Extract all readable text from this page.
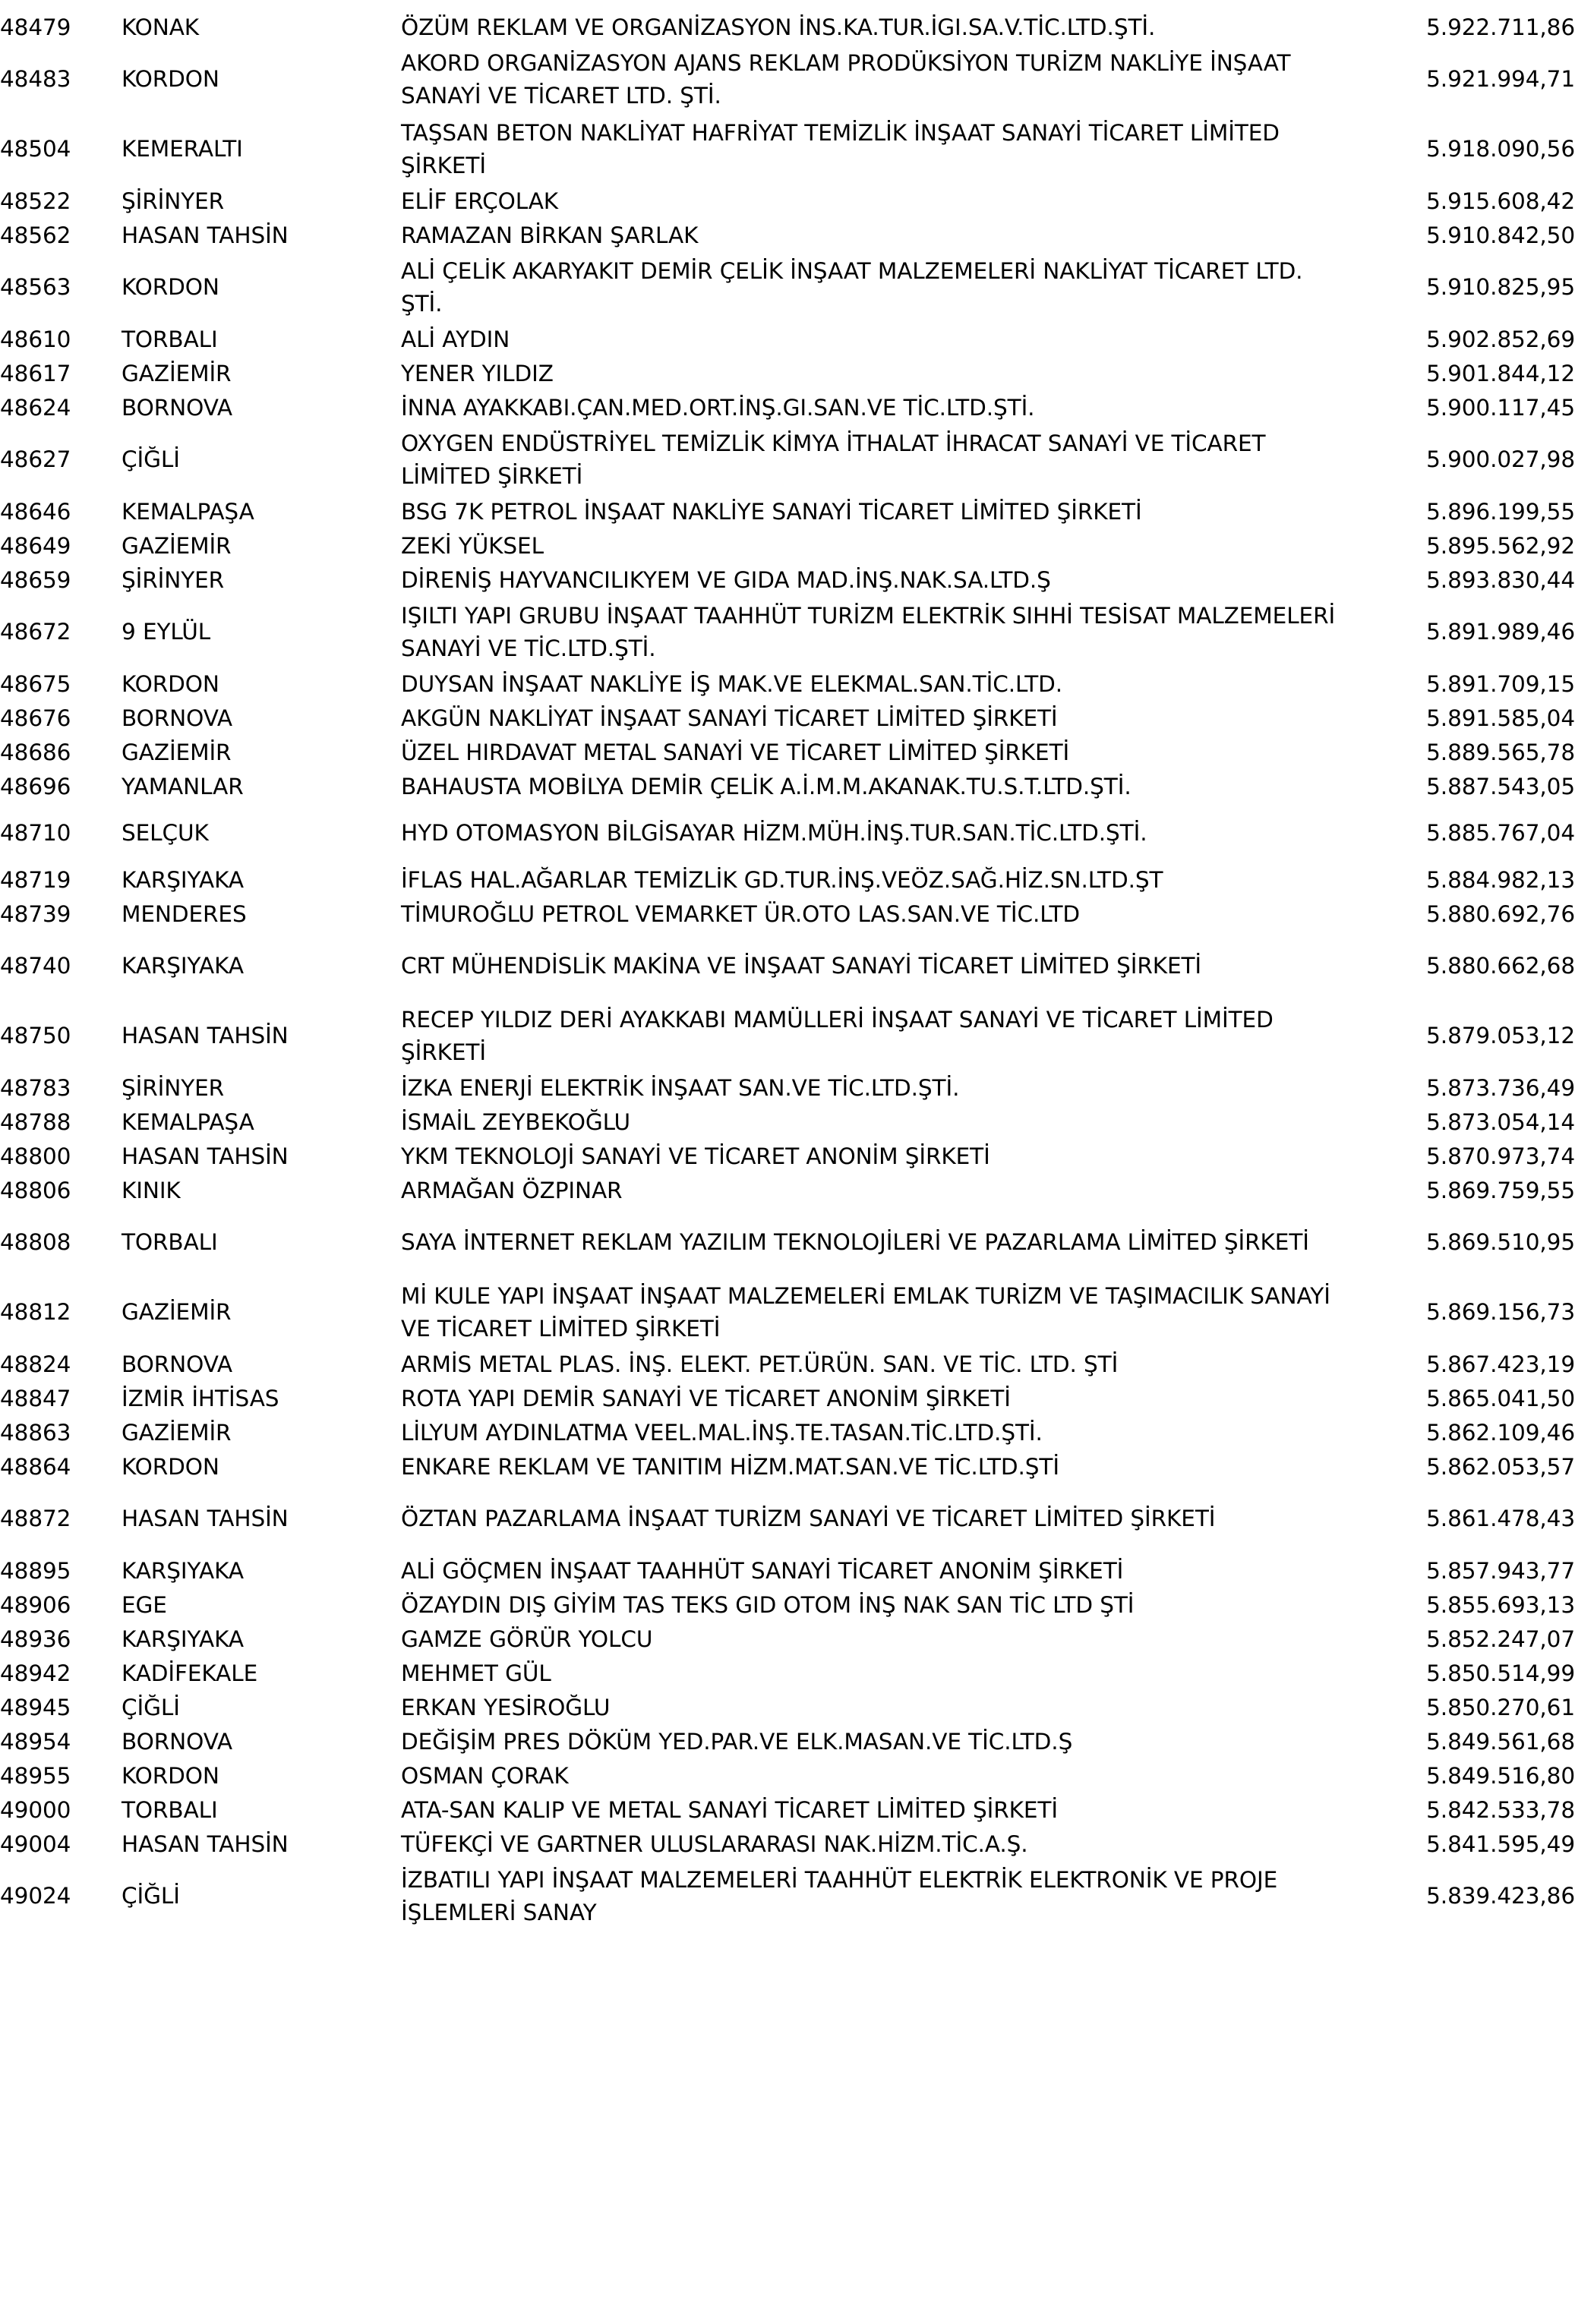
48479	KONAK	ÖZÜM REKLAM VE ORGANİZASYON İNS.KA.TUR.İGI.SA.V.TİC.LTD.ŞTİ.	5.922.711,86
48483	KORDON	AKORD ORGANİZASYON AJANS REKLAM PRODÜKSİYON TURİZM NAKLİYE İNŞAAT SANAYİ VE TİCARET LTD. ŞTİ.	5.921.994,71
48504	KEMERALTI	TAŞSAN BETON NAKLİYAT HAFRİYAT TEMİZLİK İNŞAAT SANAYİ TİCARET LİMİTED ŞİRKETİ	5.918.090,56
48522	ŞİRİNYER	ELİF ERÇOLAK	5.915.608,42
48562	HASAN TAHSİN	RAMAZAN BİRKAN ŞARLAK	5.910.842,50
48563	KORDON	ALİ ÇELİK AKARYAKIT DEMİR ÇELİK İNŞAAT MALZEMELERİ NAKLİYAT TİCARET LTD. ŞTİ.	5.910.825,95
48610	TORBALI	ALİ AYDIN	5.902.852,69
48617	GAZİEMİR	YENER YILDIZ	5.901.844,12
48624	BORNOVA	İNNA AYAKKABI.ÇAN.MED.ORT.İNŞ.GI.SAN.VE TİC.LTD.ŞTİ.	5.900.117,45
48627	ÇİĞLİ	OXYGEN ENDÜSTRİYEL TEMİZLİK KİMYA İTHALAT İHRACAT SANAYİ VE TİCARET LİMİTED ŞİRKETİ	5.900.027,98
48646	KEMALPAŞA	BSG 7K PETROL İNŞAAT NAKLİYE SANAYİ TİCARET LİMİTED ŞİRKETİ	5.896.199,55
48649	GAZİEMİR	ZEKİ YÜKSEL	5.895.562,92
48659	ŞİRİNYER	DİRENİŞ HAYVANCILIKYEM VE GIDA MAD.İNŞ.NAK.SA.LTD.Ş	5.893.830,44
48672	9 EYLÜL	IŞILTI YAPI GRUBU İNŞAAT TAAHHÜT TURİZM ELEKTRİK SIHHİ TESİSAT MALZEMELERİ SANAYİ VE TİC.LTD.ŞTİ.	5.891.989,46
48675	KORDON	DUYSAN İNŞAAT NAKLİYE İŞ MAK.VE ELEKMAL.SAN.TİC.LTD.	5.891.709,15
48676	BORNOVA	AKGÜN NAKLİYAT İNŞAAT SANAYİ TİCARET LİMİTED ŞİRKETİ	5.891.585,04
48686	GAZİEMİR	ÜZEL HIRDAVAT METAL SANAYİ VE TİCARET LİMİTED ŞİRKETİ	5.889.565,78
48696	YAMANLAR	BAHAUSTA MOBİLYA DEMİR ÇELİK A.İ.M.M.AKANAK.TU.S.T.LTD.ŞTİ.	5.887.543,05
48710	SELÇUK	HYD OTOMASYON BİLGİSAYAR HİZM.MÜH.İNŞ.TUR.SAN.TİC.LTD.ŞTİ.	5.885.767,04
48719	KARŞIYAKA	İFLAS HAL.AĞARLAR TEMİZLİK GD.TUR.İNŞ.VEÖZ.SAĞ.HİZ.SN.LTD.ŞT	5.884.982,13
48739	MENDERES	TİMUROĞLU PETROL VEMARKET ÜR.OTO LAS.SAN.VE TİC.LTD	5.880.692,76
48740	KARŞIYAKA	CRT MÜHENDİSLİK MAKİNA VE İNŞAAT SANAYİ TİCARET LİMİTED ŞİRKETİ	5.880.662,68
48750	HASAN TAHSİN	RECEP YILDIZ DERİ AYAKKABI MAMÜLLERİ İNŞAAT SANAYİ VE TİCARET LİMİTED ŞİRKETİ	5.879.053,12
48783	ŞİRİNYER	İZKA ENERJİ ELEKTRİK İNŞAAT SAN.VE TİC.LTD.ŞTİ.	5.873.736,49
48788	KEMALPAŞA	İSMAİL ZEYBEKOĞLU	5.873.054,14
48800	HASAN TAHSİN	YKM TEKNOLOJİ SANAYİ VE TİCARET ANONİM ŞİRKETİ	5.870.973,74
48806	KINIK	ARMAĞAN ÖZPINAR	5.869.759,55
48808	TORBALI	SAYA İNTERNET REKLAM YAZILIM TEKNOLOJİLERİ VE PAZARLAMA LİMİTED ŞİRKETİ	5.869.510,95
48812	GAZİEMİR	Mİ KULE YAPI İNŞAAT İNŞAAT MALZEMELERİ EMLAK TURİZM VE TAŞIMACILIK SANAYİ VE TİCARET LİMİTED ŞİRKETİ	5.869.156,73
48824	BORNOVA	ARMİS METAL PLAS. İNŞ. ELEKT. PET.ÜRÜN. SAN. VE TİC. LTD. ŞTİ	5.867.423,19
48847	İZMİR İHTİSAS	ROTA YAPI DEMİR SANAYİ VE TİCARET ANONİM ŞİRKETİ	5.865.041,50
48863	GAZİEMİR	LİLYUM AYDINLATMA VEEL.MAL.İNŞ.TE.TASAN.TİC.LTD.ŞTİ.	5.862.109,46
48864	KORDON	ENKARE REKLAM VE TANITIM HİZM.MAT.SAN.VE TİC.LTD.ŞTİ	5.862.053,57
48872	HASAN TAHSİN	ÖZTAN PAZARLAMA İNŞAAT TURİZM SANAYİ VE TİCARET LİMİTED ŞİRKETİ	5.861.478,43
48895	KARŞIYAKA	ALİ GÖÇMEN İNŞAAT TAAHHÜT SANAYİ TİCARET ANONİM ŞİRKETİ	5.857.943,77
48906	EGE	ÖZAYDIN DIŞ GİYİM TAS TEKS GID OTOM İNŞ NAK SAN TİC LTD ŞTİ	5.855.693,13
48936	KARŞIYAKA	GAMZE GÖRÜR YOLCU	5.852.247,07
48942	KADİFEKALE	MEHMET GÜL	5.850.514,99
48945	ÇİĞLİ	ERKAN YESİROĞLU	5.850.270,61
48954	BORNOVA	DEĞİŞİM PRES DÖKÜM YED.PAR.VE ELK.MASAN.VE TİC.LTD.Ş	5.849.561,68
48955	KORDON	OSMAN ÇORAK	5.849.516,80
49000	TORBALI	ATA-SAN KALIP VE METAL SANAYİ TİCARET LİMİTED ŞİRKETİ	5.842.533,78
49004	HASAN TAHSİN	TÜFEKÇİ VE GARTNER ULUSLARARASI NAK.HİZM.TİC.A.Ş.	5.841.595,49
49024	ÇİĞLİ	İZBATILI YAPI İNŞAAT MALZEMELERİ TAAHHÜT ELEKTRİK ELEKTRONİK VE PROJE İŞLEMLERİ SANAY	5.839.423,86
